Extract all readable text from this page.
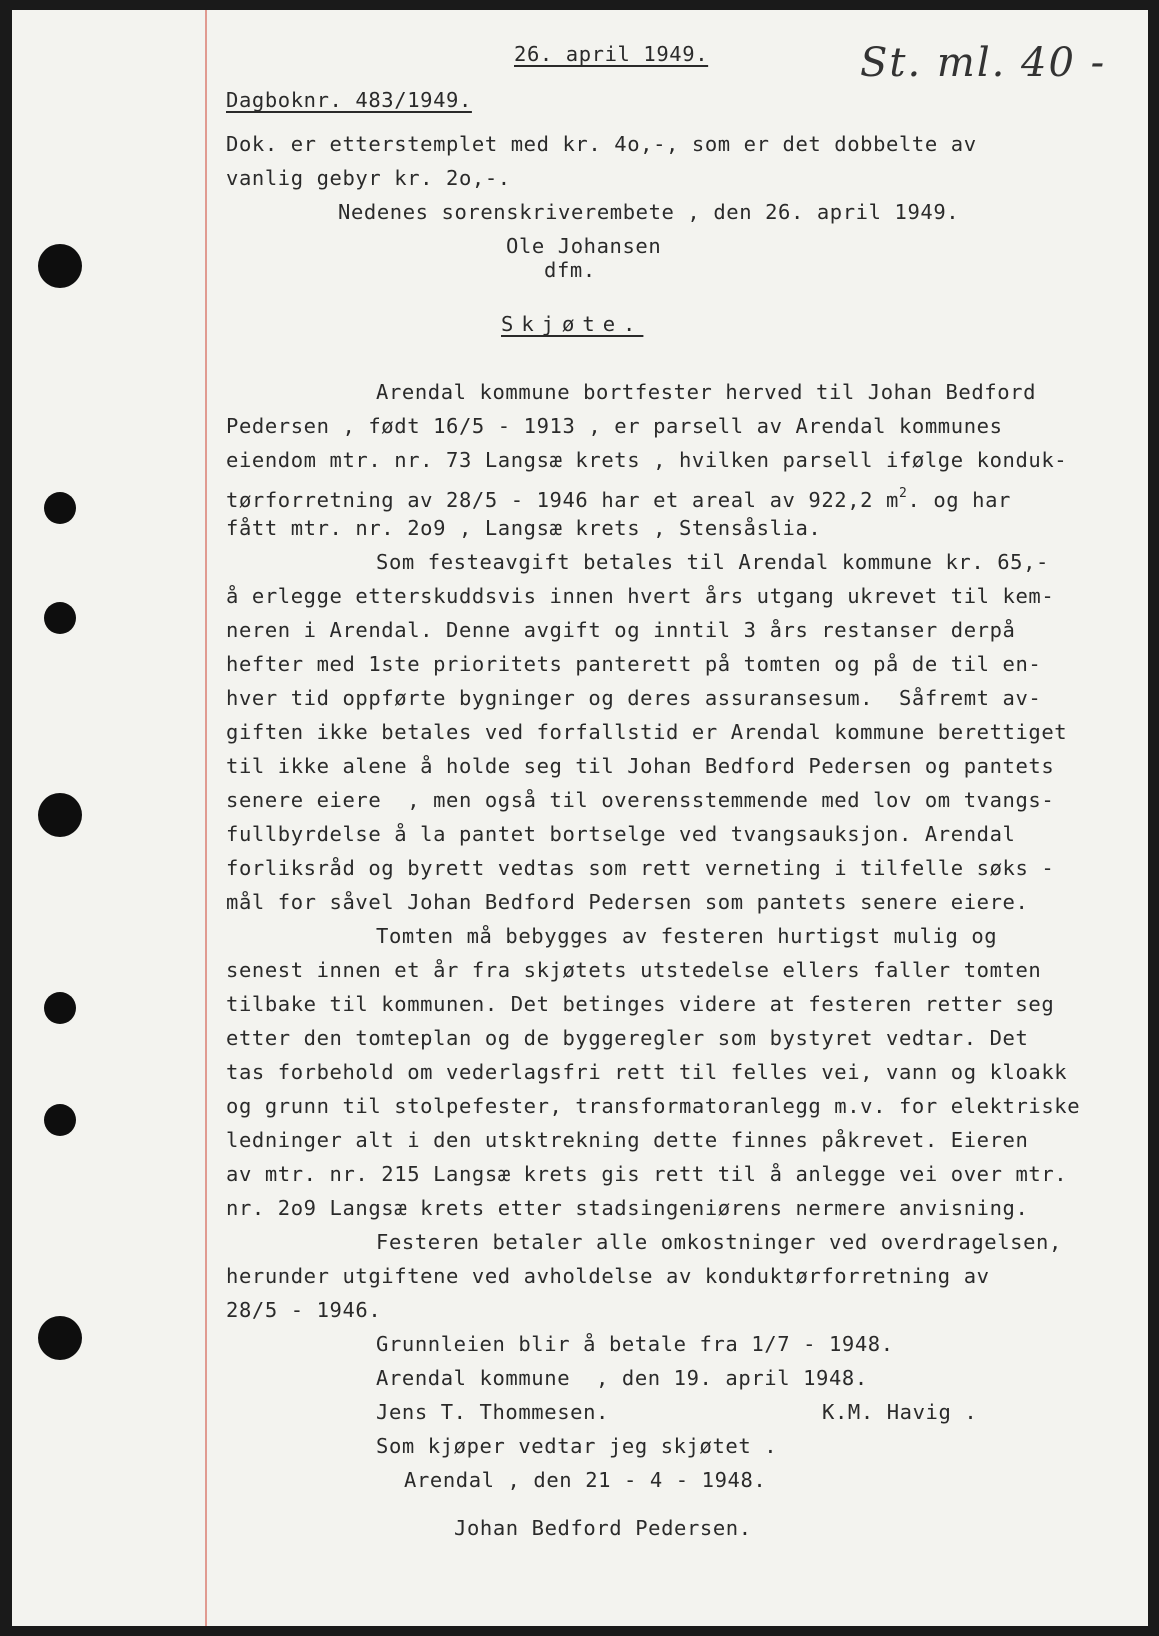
26. april 1949.	St. ml. 40 -
Dagboknr. 483/1949.
Dok. er etterstemplet med kr. 4o,-, som er det dobbelte av
vanlig gebyr kr. 2o,-.
Nedenes sorenskriverembete , den 26. april 1949.
Ole Johansen
dfm.
Skjøte.
Arendal kommune bortfester herved til Johan Bedford
Pedersen , født 16/5 - 1913 , er parsell av Arendal kommunes
eiendom mtr. nr. 73 Langsæ krets , hvilken parsell ifølge konduk-
tørforretning av 28/5 - 1946 har et areal av 922,2 $m^2$. og har
fått mtr. nr. 2o9 , Langsæ krets , Stensåslia.
Som festeavgift betales til Arendal kommune kr. 65,-
å erlegge etterskuddsvis innen hvert års utgang ukrevet til kem-
neren i Arendal. Denne avgift og inntil 3 års restanser derpå
hefter med 1ste prioritets panterett på tomten og på de til en-
hver tid oppførte bygninger og deres assuransesum.  Såfremt av-
giften ikke betales ved forfallstid er Arendal kommune berettiget
til ikke alene å holde seg til Johan Bedford Pedersen og pantets
senere eiere  , men også til overensstemmende med lov om tvangs-
fullbyrdelse å la pantet bortselge ved tvangsauksjon. Arendal
forliksråd og byrett vedtas som rett verneting i tilfelle søks -
mål for såvel Johan Bedford Pedersen som pantets senere eiere.
Tomten må bebygges av festeren hurtigst mulig og
senest innen et år fra skjøtets utstedelse ellers faller tomten
tilbake til kommunen. Det betinges videre at festeren retter seg
etter den tomteplan og de byggeregler som bystyret vedtar. Det
tas forbehold om vederlagsfri rett til felles vei, vann og kloakk
og grunn til stolpefester, transformatoranlegg m.v. for elektriske
ledninger alt i den utsktrekning dette finnes påkrevet. Eieren
av mtr. nr. 215 Langsæ krets gis rett til å anlegge vei over mtr.
nr. 2o9 Langsæ krets etter stadsingeniørens nermere anvisning.
Festeren betaler alle omkostninger ved overdragelsen,
herunder utgiftene ved avholdelse av konduktørforretning av
28/5 - 1946.
Grunnleien blir å betale fra 1/7 - 1948.
Arendal kommune  , den 19. april 1948.
Jens T. Thommesen.	K.M. Havig .
Som kjøper vedtar jeg skjøtet .
Arendal , den 21 - 4 - 1948.
Johan Bedford Pedersen.
